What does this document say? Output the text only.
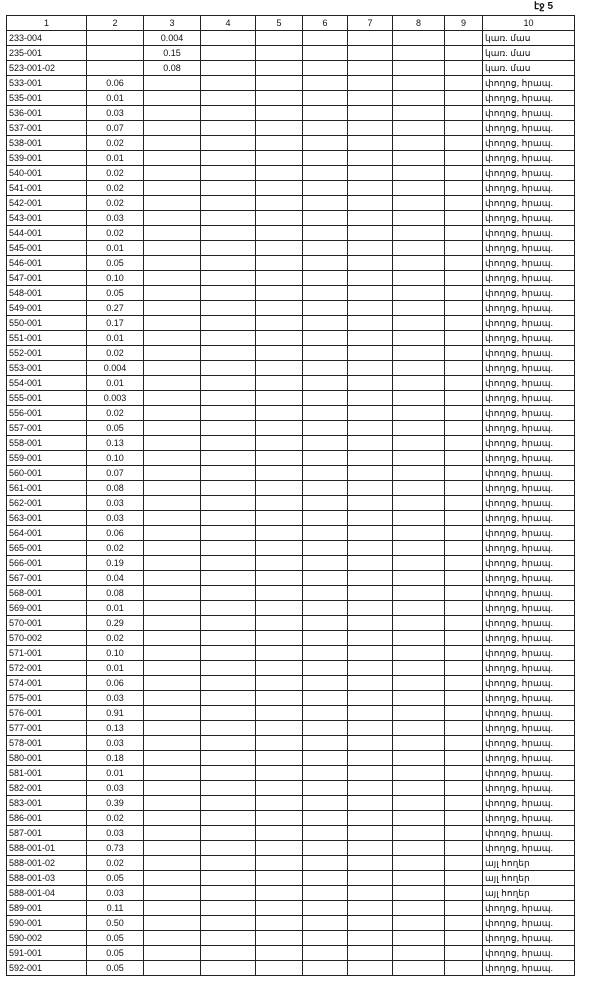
էջ 5
1	2	3	4	5	6	7	8	9	10
233-004		0.004							կառ. մաս
235-001		0.15							կառ. մաս
523-001-02		0.08							կառ. մաս
533-001	0.06								փողոց, հրապ.
535-001	0.01								փողոց, հրապ.
536-001	0.03								փողոց, հրապ.
537-001	0.07								փողոց, հրապ.
538-001	0.02								փողոց, հրապ.
539-001	0.01								փողոց, հրապ.
540-001	0.02								փողոց, հրապ.
541-001	0.02								փողոց, հրապ.
542-001	0.02								փողոց, հրապ.
543-001	0.03								փողոց, հրապ.
544-001	0.02								փողոց, հրապ.
545-001	0.01								փողոց, հրապ.
546-001	0.05								փողոց, հրապ.
547-001	0.10								փողոց, հրապ.
548-001	0.05								փողոց, հրապ.
549-001	0.27								փողոց, հրապ.
550-001	0.17								փողոց, հրապ.
551-001	0.01								փողոց, հրապ.
552-001	0.02								փողոց, հրապ.
553-001	0.004								փողոց, հրապ.
554-001	0.01								փողոց, հրապ.
555-001	0.003								փողոց, հրապ.
556-001	0.02								փողոց, հրապ.
557-001	0.05								փողոց, հրապ.
558-001	0.13								փողոց, հրապ.
559-001	0.10								փողոց, հրապ.
560-001	0.07								փողոց, հրապ.
561-001	0.08								փողոց, հրապ.
562-001	0.03								փողոց, հրապ.
563-001	0.03								փողոց, հրապ.
564-001	0.06								փողոց, հրապ.
565-001	0.02								փողոց, հրապ.
566-001	0.19								փողոց, հրապ.
567-001	0.04								փողոց, հրապ.
568-001	0.08								փողոց, հրապ.
569-001	0.01								փողոց, հրապ.
570-001	0.29								փողոց, հրապ.
570-002	0.02								փողոց, հրապ.
571-001	0.10								փողոց, հրապ.
572-001	0.01								փողոց, հրապ.
574-001	0.06								փողոց, հրապ.
575-001	0.03								փողոց, հրապ.
576-001	0.91								փողոց, հրապ.
577-001	0.13								փողոց, հրապ.
578-001	0.03								փողոց, հրապ.
580-001	0.18								փողոց, հրապ.
581-001	0.01								փողոց, հրապ.
582-001	0.03								փողոց, հրապ.
583-001	0.39								փողոց, հրապ.
586-001	0.02								փողոց, հրապ.
587-001	0.03								փողոց, հրապ.
588-001-01	0.73								փողոց, հրապ.
588-001-02	0.02								այլ հողեր
588-001-03	0.05								այլ հողեր
588-001-04	0.03								այլ հողեր
589-001	0.11								փողոց, հրապ.
590-001	0.50								փողոց, հրապ.
590-002	0.05								փողոց, հրապ.
591-001	0.05								փողոց, հրապ.
592-001	0.05								փողոց, հրապ.
